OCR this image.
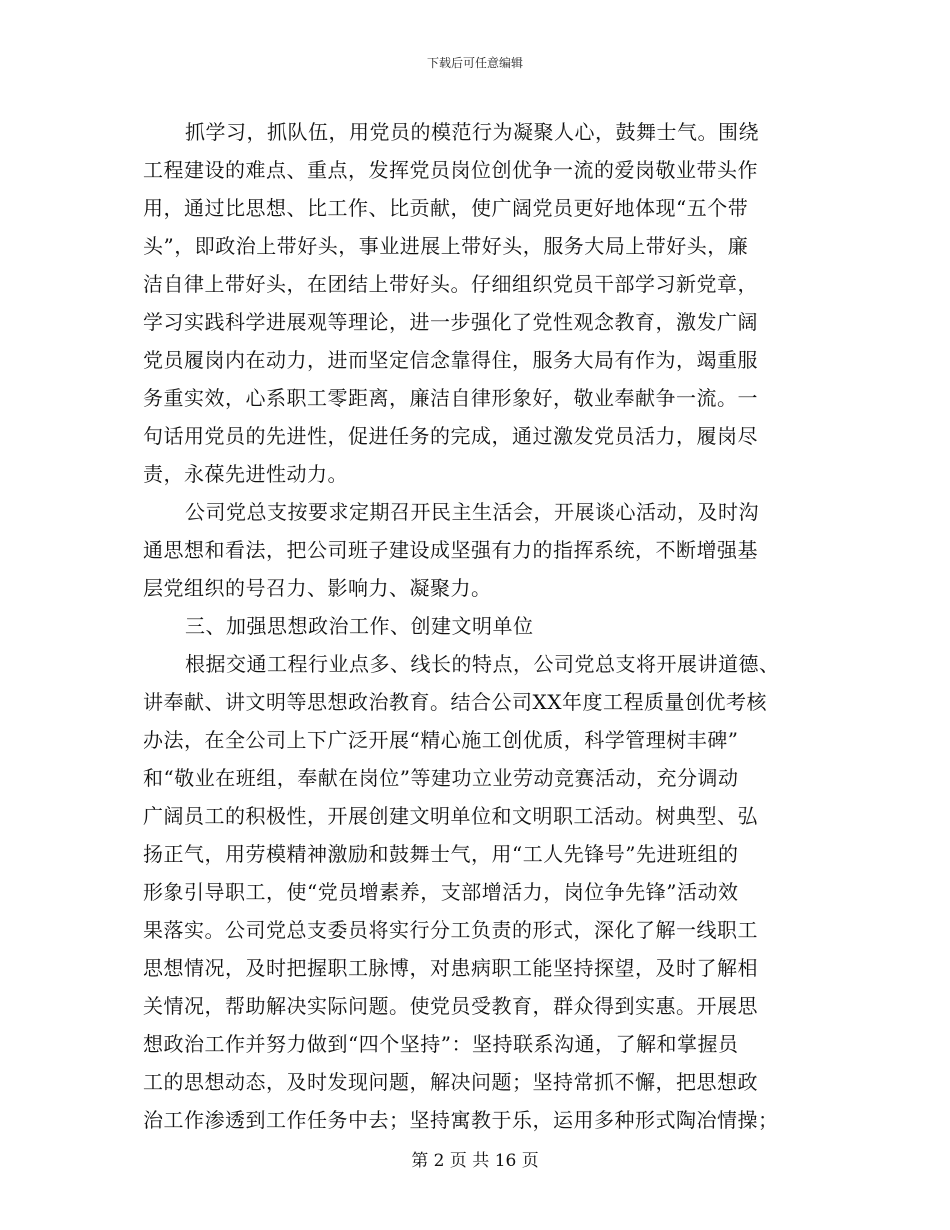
下载后可任意编辑
抓学习，抓队伍，用党员的模范行为凝聚人心，鼓舞士气。围绕
工程建设的难点、重点，发挥党员岗位创优争一流的爱岗敬业带头作
用，通过比思想、比工作、比贡献，使广阔党员更好地体现“五个带
头”，即政治上带好头，事业进展上带好头，服务大局上带好头，廉
洁自律上带好头，在团结上带好头。仔细组织党员干部学习新党章，
学习实践科学进展观等理论，进一步强化了党性观念教育，激发广阔
党员履岗内在动力，进而坚定信念靠得住，服务大局有作为，竭重服
务重实效，心系职工零距离，廉洁自律形象好，敬业奉献争一流。一
句话用党员的先进性，促进任务的完成，通过激发党员活力，履岗尽
责，永葆先进性动力。
公司党总支按要求定期召开民主生活会，开展谈心活动，及时沟
通思想和看法，把公司班子建设成坚强有力的指挥系统，不断增强基
层党组织的号召力、影响力、凝聚力。
三、加强思想政治工作、创建文明单位
根据交通工程行业点多、线长的特点，公司党总支将开展讲道德、
讲奉献、讲文明等思想政治教育。结合公司XX年度工程质量创优考核
办法，在全公司上下广泛开展“精心施工创优质，科学管理树丰碑”
和“敬业在班组，奉献在岗位”等建功立业劳动竞赛活动，充分调动
广阔员工的积极性，开展创建文明单位和文明职工活动。树典型、弘
扬正气，用劳模精神激励和鼓舞士气，用“工人先锋号”先进班组的
形象引导职工，使“党员增素养，支部增活力，岗位争先锋”活动效
果落实。公司党总支委员将实行分工负责的形式，深化了解一线职工
思想情况，及时把握职工脉博，对患病职工能坚持探望，及时了解相
关情况，帮助解决实际问题。使党员受教育，群众得到实惠。开展思
想政治工作并努力做到“四个坚持”：坚持联系沟通，了解和掌握员
工的思想动态，及时发现问题，解决问题；坚持常抓不懈，把思想政
治工作渗透到工作任务中去；坚持寓教于乐，运用多种形式陶冶情操；
第 2 页 共 16 页
